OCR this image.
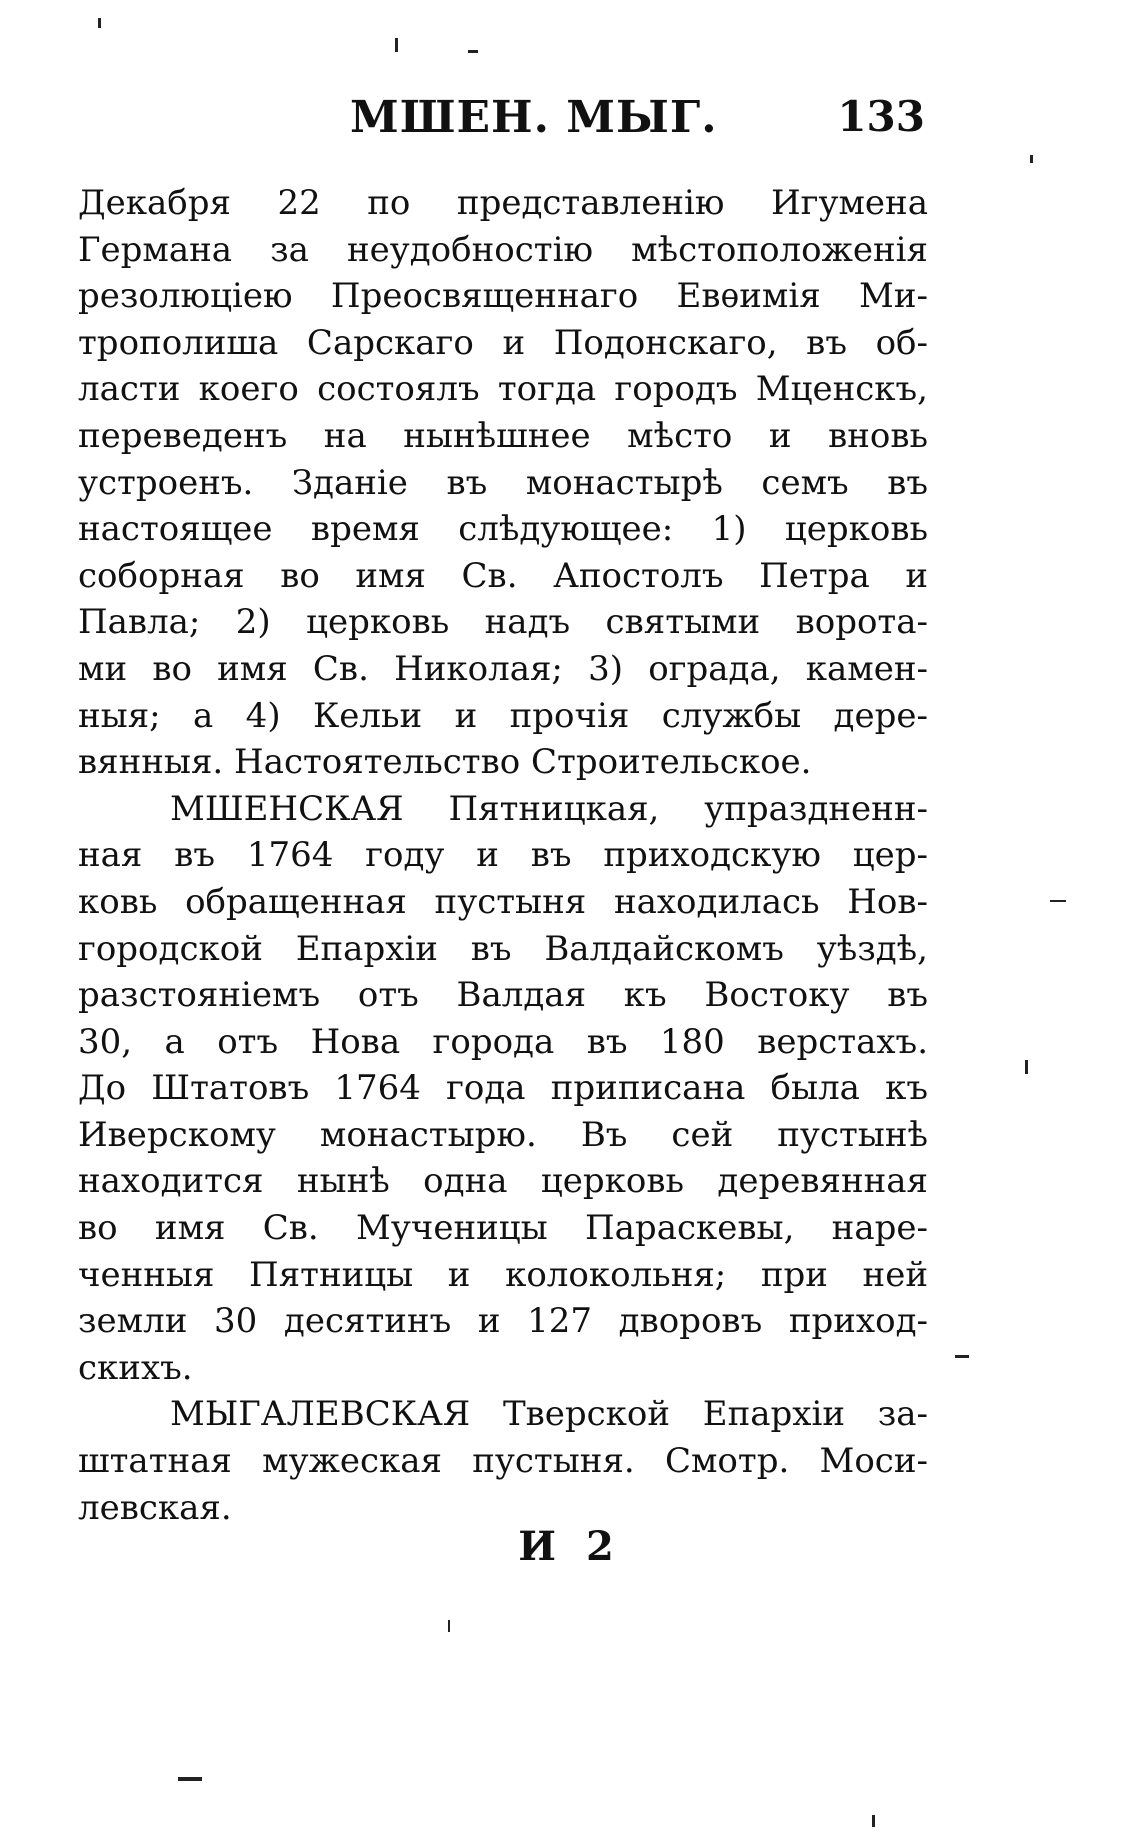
МШЕН. МЫГ.	133
Декабря 22 по представленію Игумена
Германа за неудобностію мѣстоположенія
резолюціею Преосвященнаго Евѳимія Ми-
трополиша Сарскаго и Подонскаго, въ об-
ласти коего состоялъ тогда городъ Мценскъ,
переведенъ на нынѣшнее мѣсто и вновь
устроенъ. Зданіе въ монастырѣ семъ въ
настоящее время слѣдующее: 1) церковь
соборная во имя Св. Апостолъ Петра и
Павла; 2) церковь надъ святыми ворота-
ми во имя Св. Николая; 3) ограда, камен-
ныя; а 4) Кельи и прочія службы дере-
вянныя. Настоятельство Строительское.
МШЕНСКАЯ Пятницкая, упраздненн-
ная въ 1764 году и въ приходскую цер-
ковь обращенная пустыня находилась Нов-
городской Епархіи въ Валдайскомъ уѣздѣ,
разстояніемъ отъ Валдая къ Востоку въ
30, а отъ Нова города въ 180 верстахъ.
До Штатовъ 1764 года приписана была къ
Иверскому монастырю. Въ сей пустынѣ
находится нынѣ одна церковь деревянная
во имя Св. Мученицы Параскевы, наре-
ченныя Пятницы и колокольня; при ней
земли 30 десятинъ и 127 дворовъ приход-
скихъ.
МЫГАЛЕВСКАЯ Тверской Епархіи за-
штатная мужеская пустыня. Смотр. Моси-
левская.
И 2
